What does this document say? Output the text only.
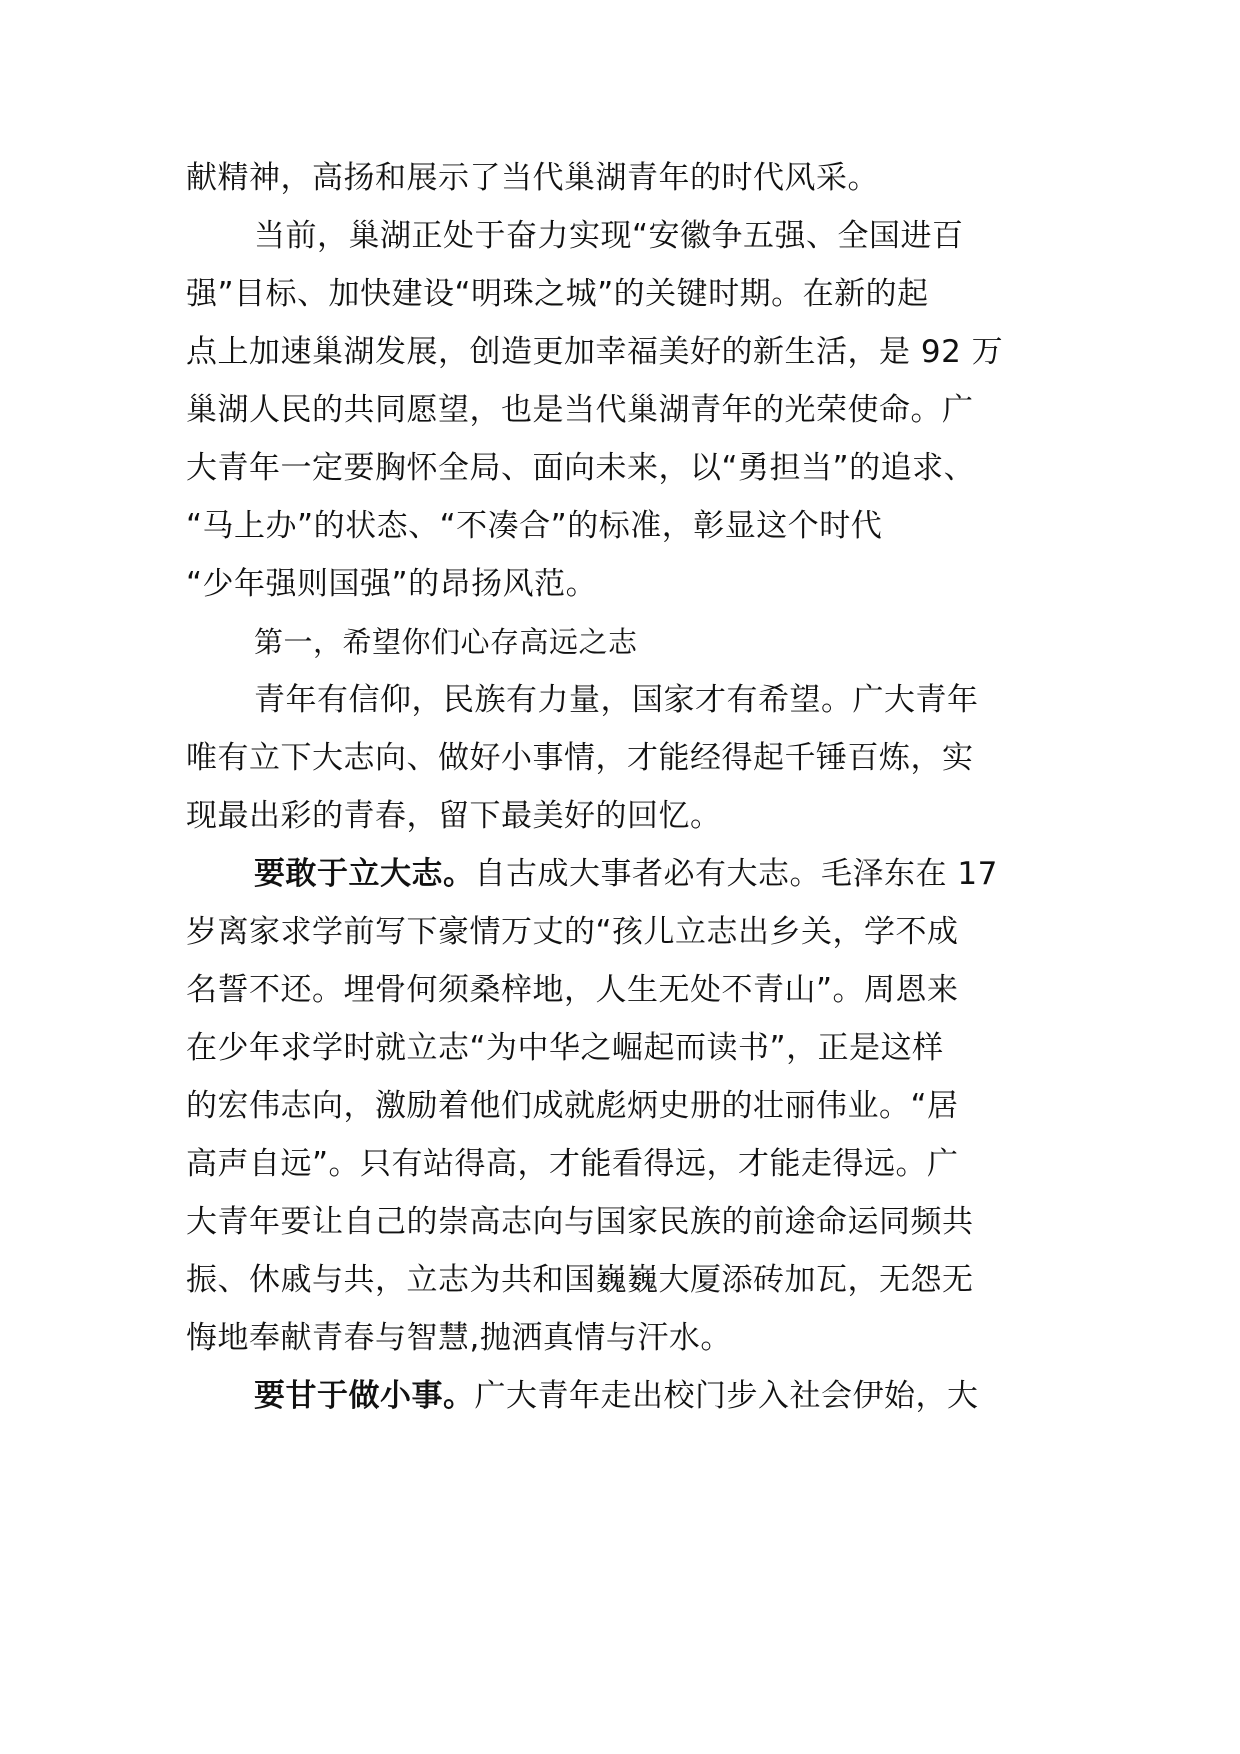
献精神，高扬和展示了当代巢湖青年的时代风采。
当前，巢湖正处于奋力实现“安徽争五强、全国进百
强”目标、加快建设“明珠之城”的关键时期。在新的起
点上加速巢湖发展，创造更加幸福美好的新生活，是 92 万
巢湖人民的共同愿望，也是当代巢湖青年的光荣使命。广
大青年一定要胸怀全局、面向未来，以“勇担当”的追求、
“马上办”的状态、“不凑合”的标准，彰显这个时代
“少年强则国强”的昂扬风范。
第一，希望你们心存高远之志
青年有信仰，民族有力量，国家才有希望。广大青年
唯有立下大志向、做好小事情，才能经得起千锤百炼，实
现最出彩的青春，留下最美好的回忆。
要敢于立大志。自古成大事者必有大志。毛泽东在 17
岁离家求学前写下豪情万丈的“孩儿立志出乡关，学不成
名誓不还。埋骨何须桑梓地，人生无处不青山”。周恩来
在少年求学时就立志“为中华之崛起而读书”，正是这样
的宏伟志向，激励着他们成就彪炳史册的壮丽伟业。“居
高声自远”。只有站得高，才能看得远，才能走得远。广
大青年要让自己的崇高志向与国家民族的前途命运同频共
振、休戚与共，立志为共和国巍巍大厦添砖加瓦，无怨无
悔地奉献青春与智慧,抛洒真情与汗水。
要甘于做小事。广大青年走出校门步入社会伊始，大
